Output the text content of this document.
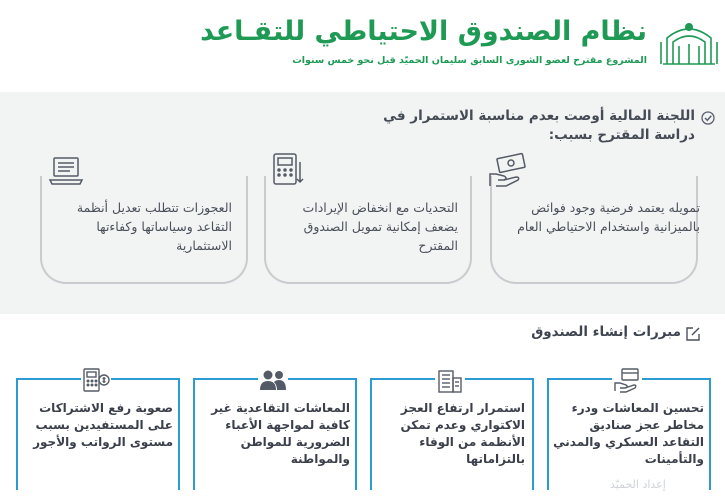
نظام الصندوق الاحتياطي للتقـاعد
المشروع مقترح لعضو الشورى السابق سليمان الحميّد قبل نحو خمس سنوات
اللجنة المالية أوصت بعدم مناسبة الاستمرار في دراسة المقترح بسبب:
تمويله يعتمد فرضية وجود فوائض بالميزانية واستخدام الاحتياطي العام
التحديات مع انخفاض الإيرادات يضعف إمكانية تمويل الصندوق المقترح
العجوزات تتطلب تعديل أنظمة التقاعد وسياساتها وكفاءتها الاستثمارية
مبررات إنشاء الصندوق
تحسين المعاشات ودرء مخاطر عجز صناديق التقاعد العسكري والمدني والتأمينات
استمرار ارتفاع العجز الاكتواري وعدم تمكن الأنظمة من الوفاء بالتزاماتها
المعاشات التقاعدية غير كافية لمواجهة الأعباء الضرورية للمواطن والمواطنة
صعوبة رفع الاشتراكات على المستفيدين بسبب مستوى الرواتب والأجور
إعداد الحميّد
